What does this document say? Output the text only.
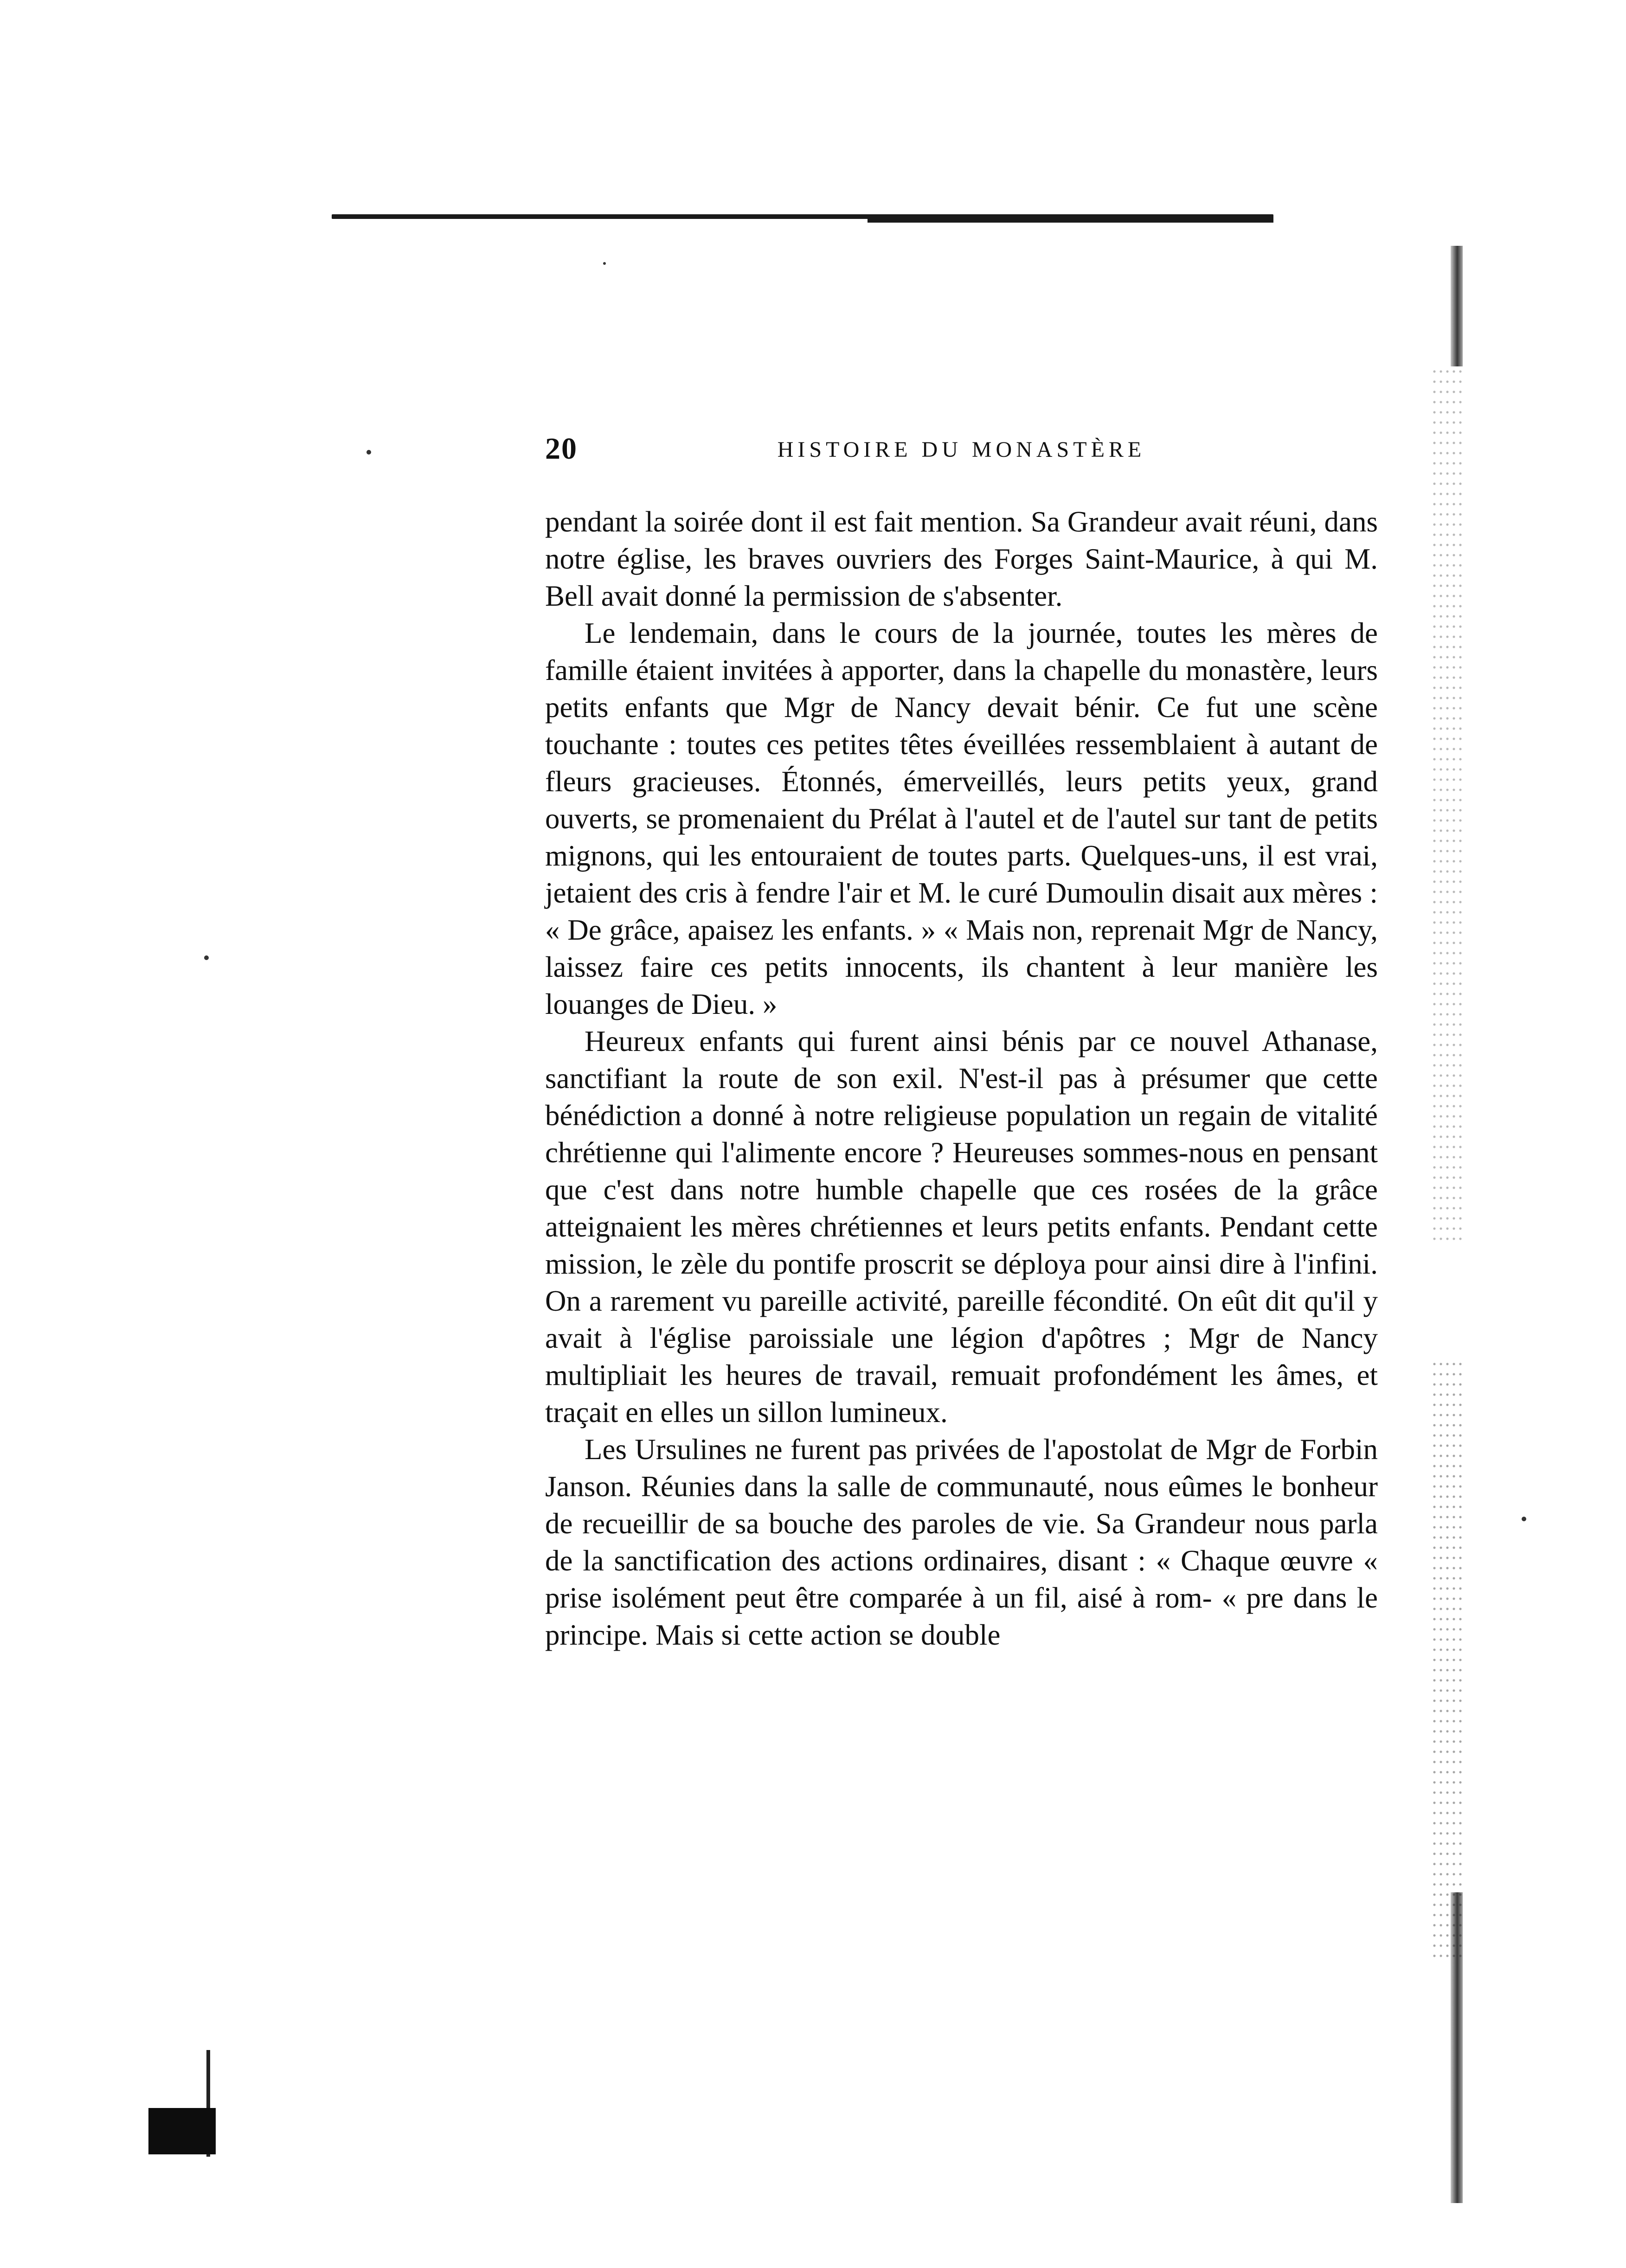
20	HISTOIRE DU MONASTÈRE

pendant la soirée dont il est fait mention. Sa Grandeur avait réuni, dans notre église, les braves ouvriers des Forges Saint-Maurice, à qui M. Bell avait donné la permission de s'absenter.

Le lendemain, dans le cours de la journée, toutes les mères de famille étaient invitées à apporter, dans la chapelle du monastère, leurs petits enfants que Mgr de Nancy devait bénir. Ce fut une scène touchante : toutes ces petites têtes éveillées ressemblaient à autant de fleurs gracieuses. Étonnés, émerveillés, leurs petits yeux, grand ouverts, se promenaient du Prélat à l'autel et de l'autel sur tant de petits mignons, qui les entouraient de toutes parts. Quelques-uns, il est vrai, jetaient des cris à fendre l'air et M. le curé Dumoulin disait aux mères : « De grâce, apaisez les enfants. » « Mais non, reprenait Mgr de Nancy, laissez faire ces petits innocents, ils chantent à leur manière les louanges de Dieu. »

Heureux enfants qui furent ainsi bénis par ce nouvel Athanase, sanctifiant la route de son exil. N'est-il pas à présumer que cette bénédiction a donné à notre religieuse population un regain de vitalité chrétienne qui l'alimente encore ? Heureuses sommes-nous en pensant que c'est dans notre humble chapelle que ces rosées de la grâce atteignaient les mères chrétiennes et leurs petits enfants. Pendant cette mission, le zèle du pontife proscrit se déploya pour ainsi dire à l'infini. On a rarement vu pareille activité, pareille fécondité. On eût dit qu'il y avait à l'église paroissiale une légion d'apôtres ; Mgr de Nancy multipliait les heures de travail, remuait profondément les âmes, et traçait en elles un sillon lumineux.

Les Ursulines ne furent pas privées de l'apostolat de Mgr de Forbin Janson. Réunies dans la salle de communauté, nous eûmes le bonheur de recueillir de sa bouche des paroles de vie. Sa Grandeur nous parla de la sanctification des actions ordinaires, disant : « Chaque œuvre « prise isolément peut être comparée à un fil, aisé à rom- « pre dans le principe. Mais si cette action se double
